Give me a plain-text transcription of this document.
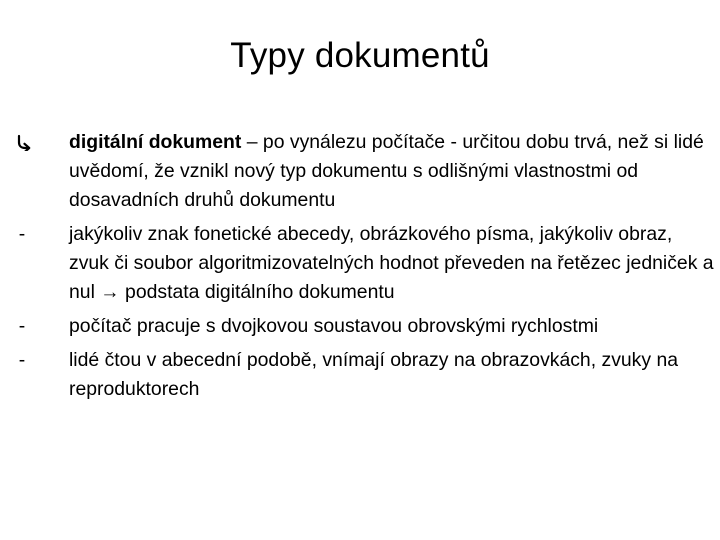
Typy dokumentů
digitální dokument – po vynálezu počítače - určitou dobu trvá, než si lidé uvědomí, že vznikl nový typ dokumentu s odlišnými vlastnostmi od dosavadních druhů dokumentu
-	jakýkoliv znak fonetické abecedy, obrázkového písma, jakýkoliv obraz, zvuk či soubor algoritmizovatelných hodnot převeden na řetězec jedniček a nul → podstata digitálního dokumentu
-	počítač pracuje s dvojkovou soustavou obrovskými rychlostmi
-	lidé čtou v abecední podobě, vnímají obrazy na obrazovkách, zvuky na reproduktorech
